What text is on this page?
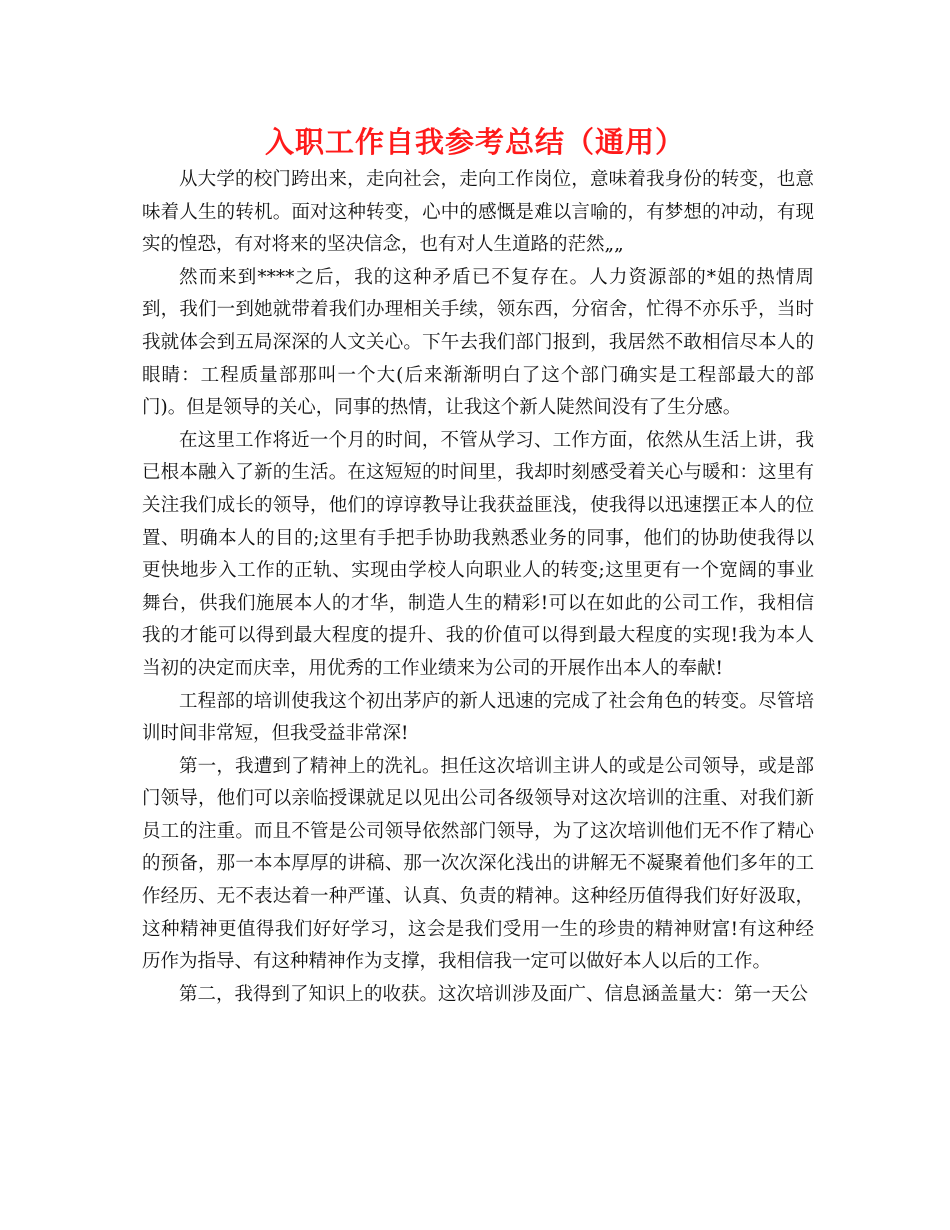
入职工作自我参考总结（通用）

从大学的校门跨出来，走向社会，走向工作岗位，意味着我身份的转变，也意味着人生的转机。面对这种转变，心中的感慨是难以言喻的，有梦想的冲动，有现实的惶恐，有对将来的坚决信念，也有对人生道路的茫然„„

然而来到****之后，我的这种矛盾已不复存在。人力资源部的*姐的热情周到，我们一到她就带着我们办理相关手续，领东西，分宿舍，忙得不亦乐乎，当时我就体会到五局深深的人文关心。下午去我们部门报到，我居然不敢相信尽本人的眼睛：工程质量部那叫一个大(后来渐渐明白了这个部门确实是工程部最大的部门)。但是领导的关心，同事的热情，让我这个新人陡然间没有了生分感。

在这里工作将近一个月的时间，不管从学习、工作方面，依然从生活上讲，我已根本融入了新的生活。在这短短的时间里，我却时刻感受着关心与暖和：这里有关注我们成长的领导，他们的谆谆教导让我获益匪浅，使我得以迅速摆正本人的位置、明确本人的目的;这里有手把手协助我熟悉业务的同事，他们的协助使我得以更快地步入工作的正轨、实现由学校人向职业人的转变;这里更有一个宽阔的事业舞台，供我们施展本人的才华，制造人生的精彩!可以在如此的公司工作，我相信我的才能可以得到最大程度的提升、我的价值可以得到最大程度的实现!我为本人当初的决定而庆幸，用优秀的工作业绩来为公司的开展作出本人的奉献!

工程部的培训使我这个初出茅庐的新人迅速的完成了社会角色的转变。尽管培训时间非常短，但我受益非常深!

第一，我遭到了精神上的洗礼。担任这次培训主讲人的或是公司领导，或是部门领导，他们可以亲临授课就足以见出公司各级领导对这次培训的注重、对我们新员工的注重。而且不管是公司领导依然部门领导，为了这次培训他们无不作了精心的预备，那一本本厚厚的讲稿、那一次次深化浅出的讲解无不凝聚着他们多年的工作经历、无不表达着一种严谨、认真、负责的精神。这种经历值得我们好好汲取，这种精神更值得我们好好学习，这会是我们受用一生的珍贵的精神财富!有这种经历作为指导、有这种精神作为支撑，我相信我一定可以做好本人以后的工作。

第二，我得到了知识上的收获。这次培训涉及面广、信息涵盖量大：第一天公
